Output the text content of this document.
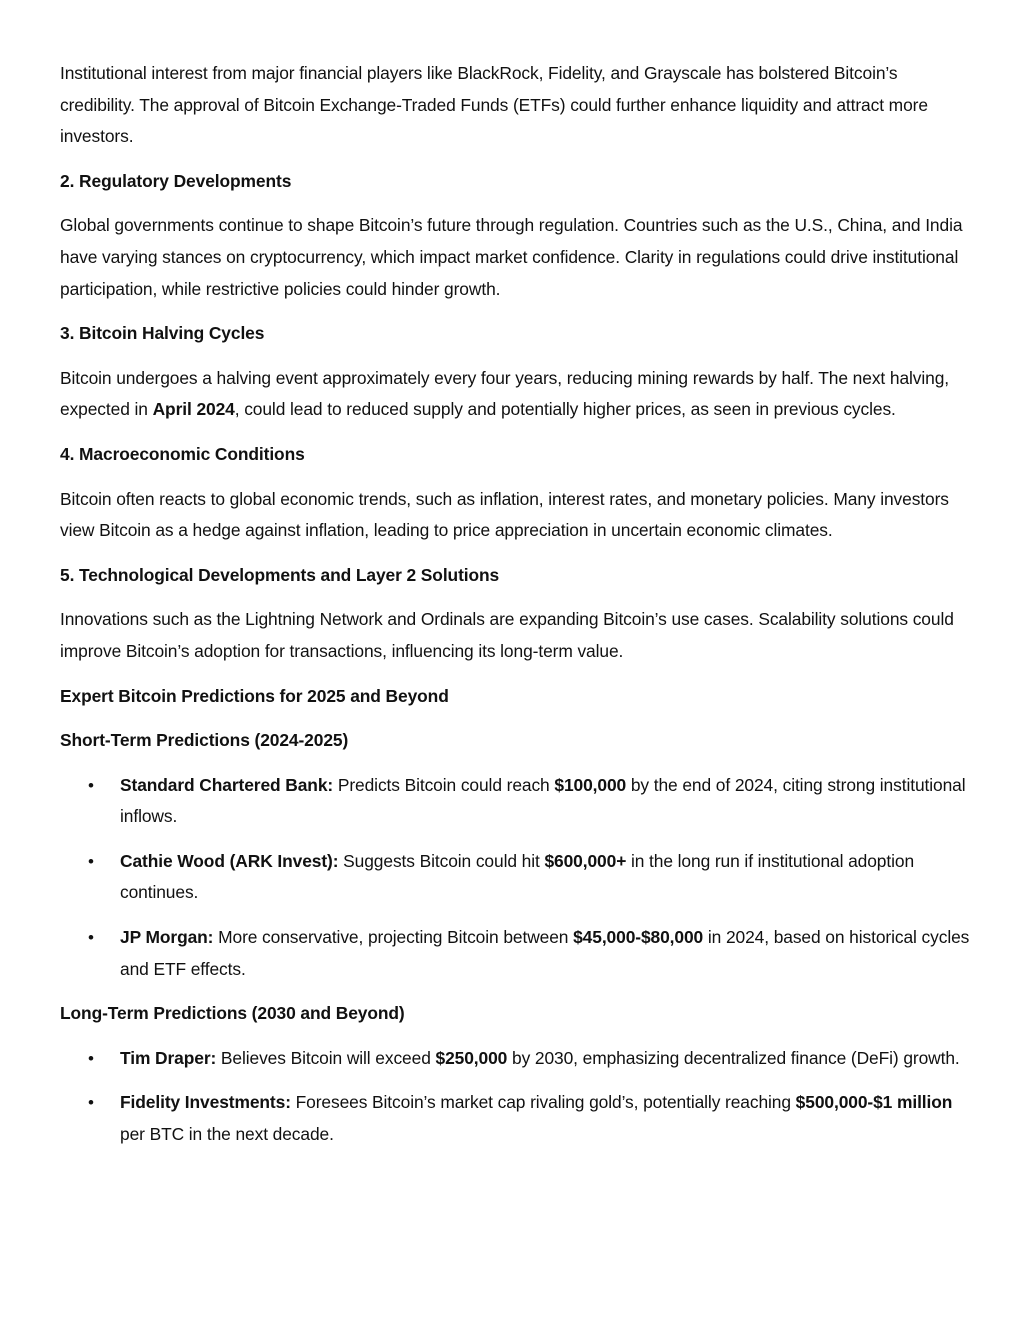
Institutional interest from major financial players like BlackRock, Fidelity, and Grayscale has bolstered Bitcoin’s credibility. The approval of Bitcoin Exchange-Traded Funds (ETFs) could further enhance liquidity and attract more investors.

2. Regulatory Developments

Global governments continue to shape Bitcoin’s future through regulation. Countries such as the U.S., China, and India have varying stances on cryptocurrency, which impact market confidence. Clarity in regulations could drive institutional participation, while restrictive policies could hinder growth.

3. Bitcoin Halving Cycles

Bitcoin undergoes a halving event approximately every four years, reducing mining rewards by half. The next halving, expected in April 2024, could lead to reduced supply and potentially higher prices, as seen in previous cycles.

4. Macroeconomic Conditions

Bitcoin often reacts to global economic trends, such as inflation, interest rates, and monetary policies. Many investors view Bitcoin as a hedge against inflation, leading to price appreciation in uncertain economic climates.

5. Technological Developments and Layer 2 Solutions

Innovations such as the Lightning Network and Ordinals are expanding Bitcoin’s use cases. Scalability solutions could improve Bitcoin’s adoption for transactions, influencing its long-term value.

Expert Bitcoin Predictions for 2025 and Beyond
Short-Term Predictions (2024-2025)
• Standard Chartered Bank: Predicts Bitcoin could reach $100,000 by the end of 2024, citing strong institutional inflows.
• Cathie Wood (ARK Invest): Suggests Bitcoin could hit $600,000+ in the long run if institutional adoption continues.
• JP Morgan: More conservative, projecting Bitcoin between $45,000-$80,000 in 2024, based on historical cycles and ETF effects.
Long-Term Predictions (2030 and Beyond)
• Tim Draper: Believes Bitcoin will exceed $250,000 by 2030, emphasizing decentralized finance (DeFi) growth.
• Fidelity Investments: Foresees Bitcoin’s market cap rivaling gold’s, potentially reaching $500,000-$1 million per BTC in the next decade.
